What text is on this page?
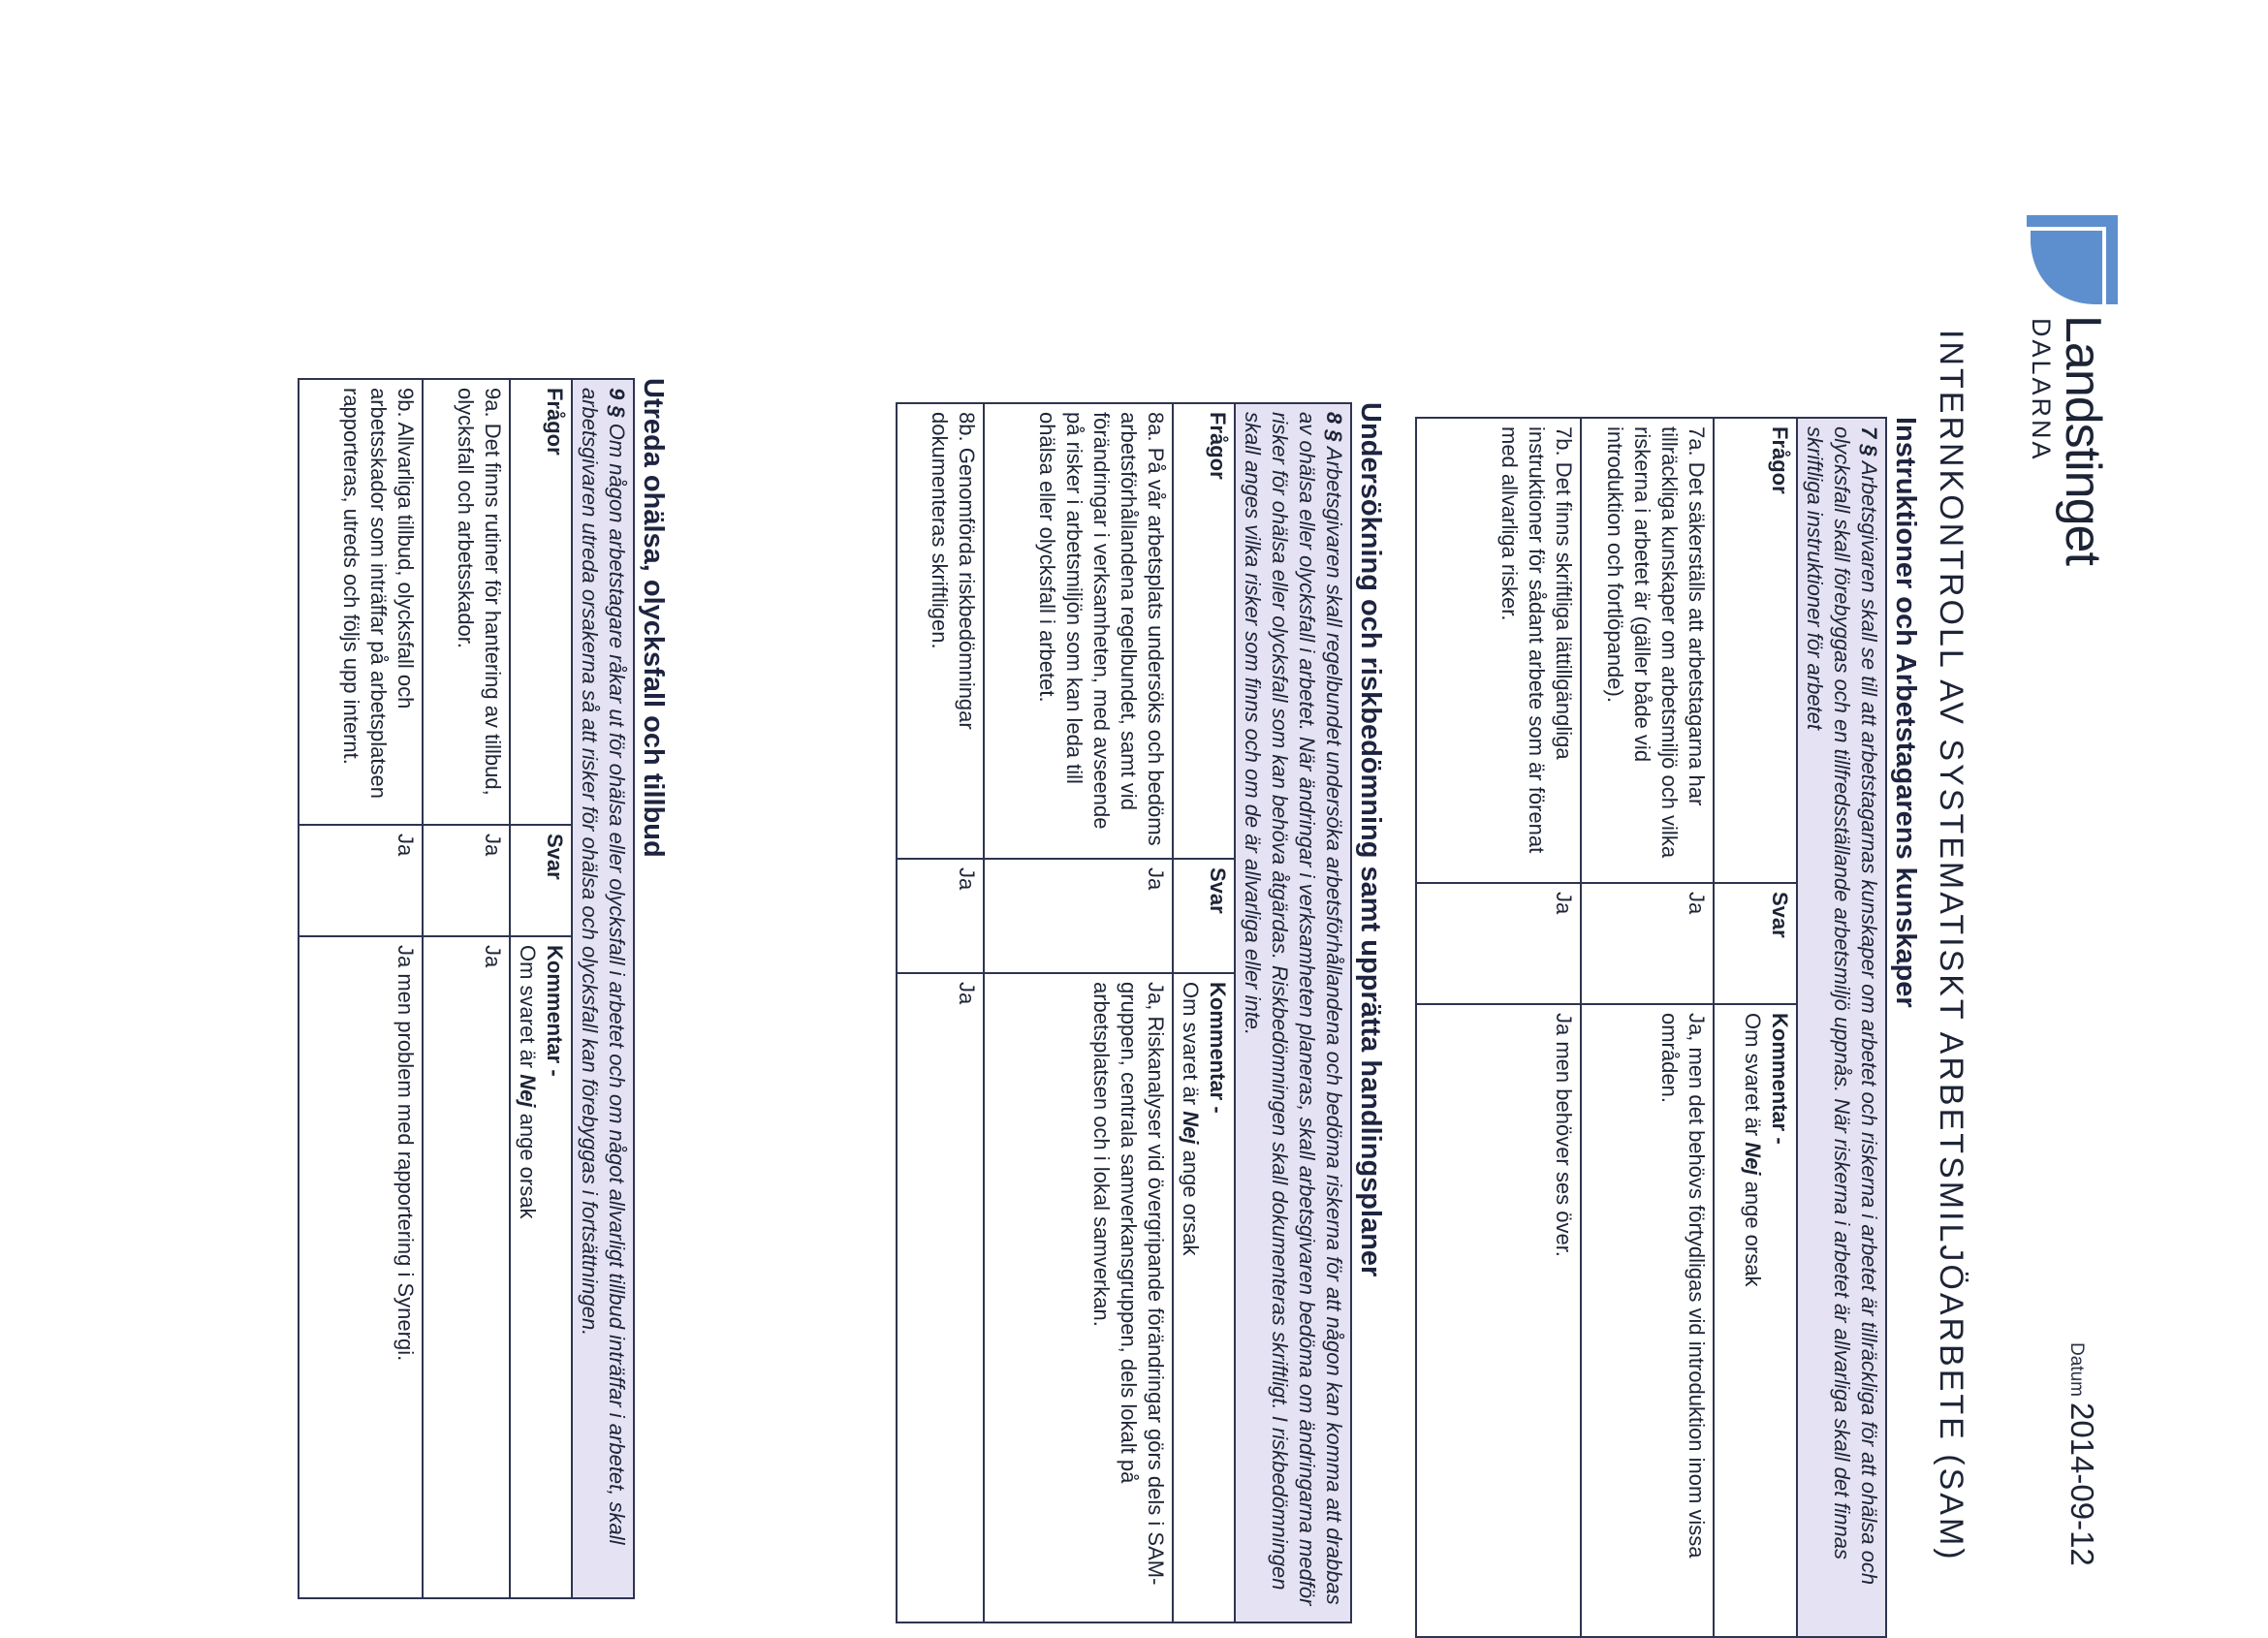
Landstinget
DALARNA
Datum2014-09-12
INTERNKONTROLL AV SYSTEMATISKT ARBETSMILJÖARBETE (SAM)
Instruktioner och Arbetstagarens kunskaper
7 § Arbetsgivaren skall se till att arbetstagarnas kunskaper om arbetet och riskerna i arbetet är tillräckliga för att ohälsa och olycksfall skall förebyggas och en tillfredsställande arbetsmiljö uppnås. När riskerna i arbetet är allvarliga skall det finnas skriftliga instruktioner för arbetet		
Frågor	Svar	Kommentar -
Om svaret är Nej ange orsak
7a. Det säkerställs att arbetstagarna har tillräckliga kunskaper om arbetsmiljö och vilka riskerna i arbetet är (gäller både vid introduktion och fortlöpande).	Ja	Ja, men det behövs förtydligas vid introduktion inom vissa områden.
7b. Det finns skriftliga lättillgängliga instruktioner för sådant arbete som är förenat med allvarliga risker.	Ja	Ja men behöver ses över.
Undersökning och riskbedömning samt upprätta handlingsplaner
8 § Arbetsgivaren skall regelbundet undersöka arbetsförhållandena och bedöma riskerna för att någon kan komma att drabbas av ohälsa eller olycksfall i arbetet. När ändringar i verksamheten planeras, skall arbetsgivaren bedöma om ändringarna medför risker för ohälsa eller olycksfall som kan behöva åtgärdas. Riskbedömningen skall dokumenteras skriftligt. I riskbedömningen skall anges vilka risker som finns och om de är allvarliga eller inte.		
Frågor	Svar	Kommentar -
Om svaret är Nej ange orsak
8a. På vår arbetsplats undersöks och bedöms arbetsförhållandena regelbundet, samt vid förändringar i verksamheten, med avseende på risker i arbetsmiljön som kan leda till ohälsa eller olycksfall i arbetet.	Ja	Ja, Riskanalyser vid övergripande förändringar görs dels i SAM-gruppen, centrala samverkansgruppen, dels lokalt på arbetsplatsen och i lokal samverkan.
8b. Genomförda riskbedömningar dokumenteras skriftligen.	Ja	Ja
Utreda ohälsa, olycksfall och tillbud
9 § Om någon arbetstagare råkar ut för ohälsa eller olycksfall i arbetet och om något allvarligt tillbud inträffar i arbetet, skall arbetsgivaren utreda orsakerna så att risker för ohälsa och olycksfall kan förebyggas i fortsättningen.		
Frågor	Svar	Kommentar -
Om svaret är Nej ange orsak
9a. Det finns rutiner för hantering av tillbud, olycksfall och arbetsskador.	Ja	Ja
9b. Allvarliga tillbud, olycksfall och arbetsskador som inträffar på arbetsplatsen rapporteras, utreds och följs upp internt.	Ja	Ja men problem med rapportering i Synergi.
